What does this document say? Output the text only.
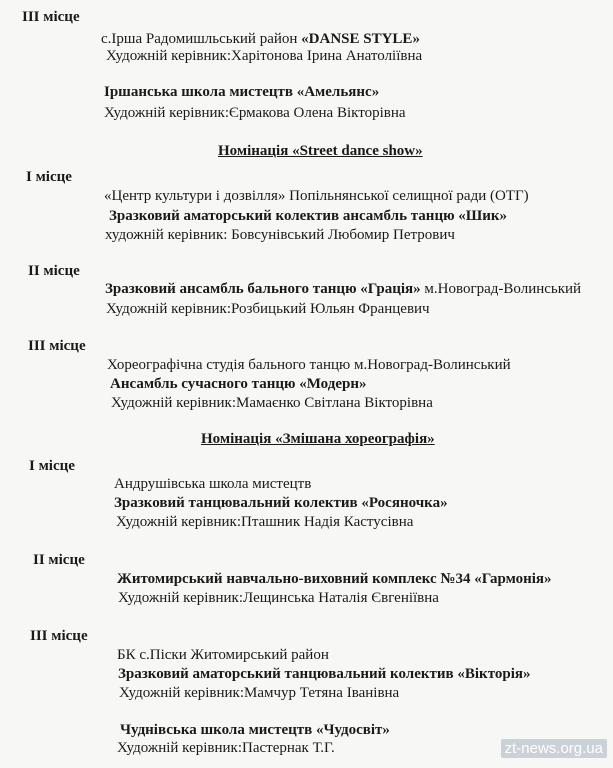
ІІІ місце
с.Ірша Радомишльський район «DANSE STYLE»
Художній керівник:Харітонова Ірина Анатоліївна
Іршанська школа мистецтв «Амельянс»
Художній керівник:Єрмакова Олена Вікторівна
Номінація «Street dance show»
І місце
«Центр культури і дозвілля» Попільнянської селищної ради (ОТГ)
Зразковий аматорський колектив ансамбль танцю «Шик»
художній керівник: Бовсунівський Любомир Петрович
ІІ місце
Зразковий ансамбль бального танцю «Грація» м.Новоград-Волинський
Художній керівник:Розбицький Юльян Францевич
ІІІ місце
Хореографічна студія бального танцю м.Новоград-Волинський
Ансамбль сучасного танцю «Модерн»
Художній керівник:Мамаєнко Світлана Вікторівна
Номінація «Змішана хореографія»
І місце
Андрушівська школа мистецтв
Зразковий танцювальний колектив «Росяночка»
Художній керівник:Пташник Надія Кастусівна
ІІ місце
Житомирський навчально-виховний комплекс №34 «Гармонія»
Художній керівник:Лещинська Наталія Євгеніївна
ІІІ місце
БК с.Піски Житомирський район
Зразковий аматорський танцювальний колектив «Вікторія»
Художній керівник:Мамчур Тетяна Іванівна
Чуднівська школа мистецтв «Чудосвіт»
Художній керівник:Пастернак Т.Г.	zt-news.org.ua
